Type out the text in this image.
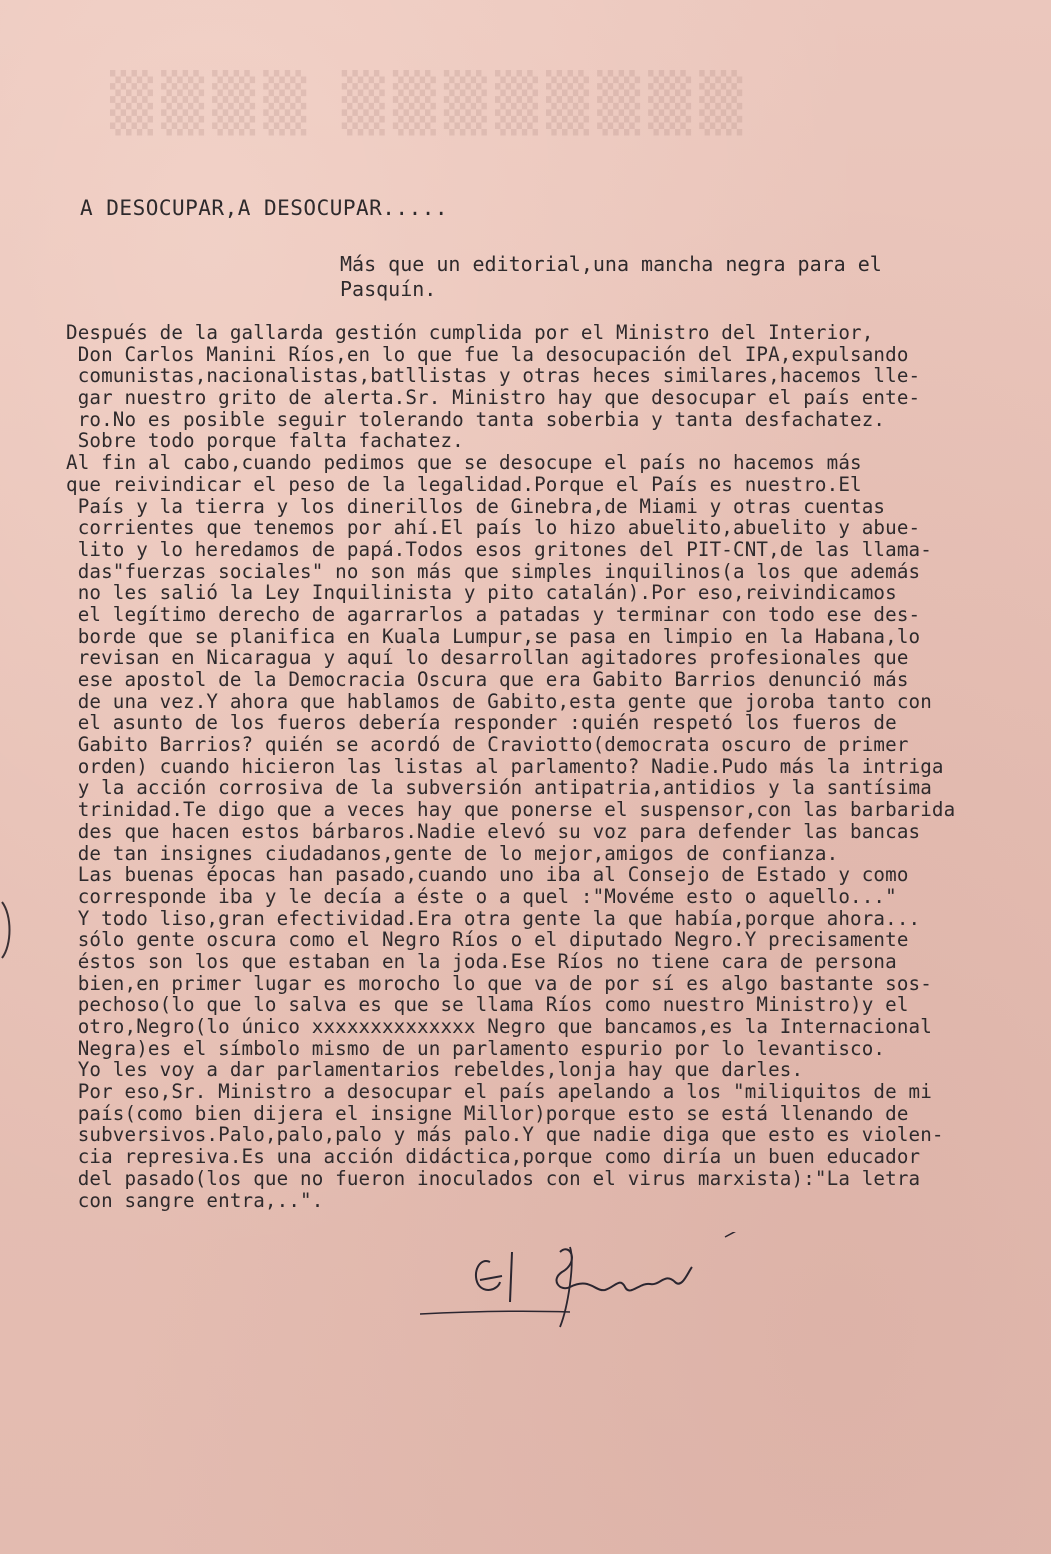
▒▒▒▒ ▒▒▒▒▒▒▒▒
A DESOCUPAR,A DESOCUPAR.....
Más que un editorial,una mancha negra para el
Pasquín.
Después de la gallarda gestión cumplida por el Ministro del Interior,
Don Carlos Manini Ríos,en lo que fue la desocupación del IPA,expulsando
comunistas,nacionalistas,batllistas y otras heces similares,hacemos lle-
gar nuestro grito de alerta.Sr. Ministro hay que desocupar el país ente-
ro.No es posible seguir tolerando tanta soberbia y tanta desfachatez.
Sobre todo porque falta fachatez.
Al fin al cabo,cuando pedimos que se desocupe el país no hacemos más
que reivindicar el peso de la legalidad.Porque el País es nuestro.El
País y la tierra y los dinerillos de Ginebra,de Miami y otras cuentas
corrientes que tenemos por ahí.El país lo hizo abuelito,abuelito y abue-
lito y lo heredamos de papá.Todos esos gritones del PIT-CNT,de las llama-
das"fuerzas sociales" no son más que simples inquilinos(a los que además
no les salió la Ley Inquilinista y pito catalán).Por eso,reivindicamos
el legítimo derecho de agarrarlos a patadas y terminar con todo ese des-
borde que se planifica en Kuala Lumpur,se pasa en limpio en la Habana,lo
revisan en Nicaragua y aquí lo desarrollan agitadores profesionales que
ese apostol de la Democracia Oscura que era Gabito Barrios denunció más
de una vez.Y ahora que hablamos de Gabito,esta gente que joroba tanto con
el asunto de los fueros debería responder :quién respetó los fueros de
Gabito Barrios? quién se acordó de Craviotto(democrata oscuro de primer
orden) cuando hicieron las listas al parlamento? Nadie.Pudo más la intriga
y la acción corrosiva de la subversión antipatria,antidios y la santísima
trinidad.Te digo que a veces hay que ponerse el suspensor,con las barbarida
des que hacen estos bárbaros.Nadie elevó su voz para defender las bancas
de tan insignes ciudadanos,gente de lo mejor,amigos de confianza.
Las buenas épocas han pasado,cuando uno iba al Consejo de Estado y como
corresponde iba y le decía a éste o a quel :"Movéme esto o aquello..."
Y todo liso,gran efectividad.Era otra gente la que había,porque ahora...
sólo gente oscura como el Negro Ríos o el diputado Negro.Y precisamente
éstos son los que estaban en la joda.Ese Ríos no tiene cara de persona
bien,en primer lugar es morocho lo que va de por sí es algo bastante sos-
pechoso(lo que lo salva es que se llama Ríos como nuestro Ministro)y el
otro,Negro(lo único xxxxxxxxxxxxxx Negro que bancamos,es la Internacional
Negra)es el símbolo mismo de un parlamento espurio por lo levantisco.
Yo les voy a dar parlamentarios rebeldes,lonja hay que darles.
Por eso,Sr. Ministro a desocupar el país apelando a los "miliquitos de mi
país(como bien dijera el insigne Millor)porque esto se está llenando de
subversivos.Palo,palo,palo y más palo.Y que nadie diga que esto es violen-
cia represiva.Es una acción didáctica,porque como diría un buen educador
del pasado(los que no fueron inoculados con el virus marxista):"La letra
con sangre entra,..".
